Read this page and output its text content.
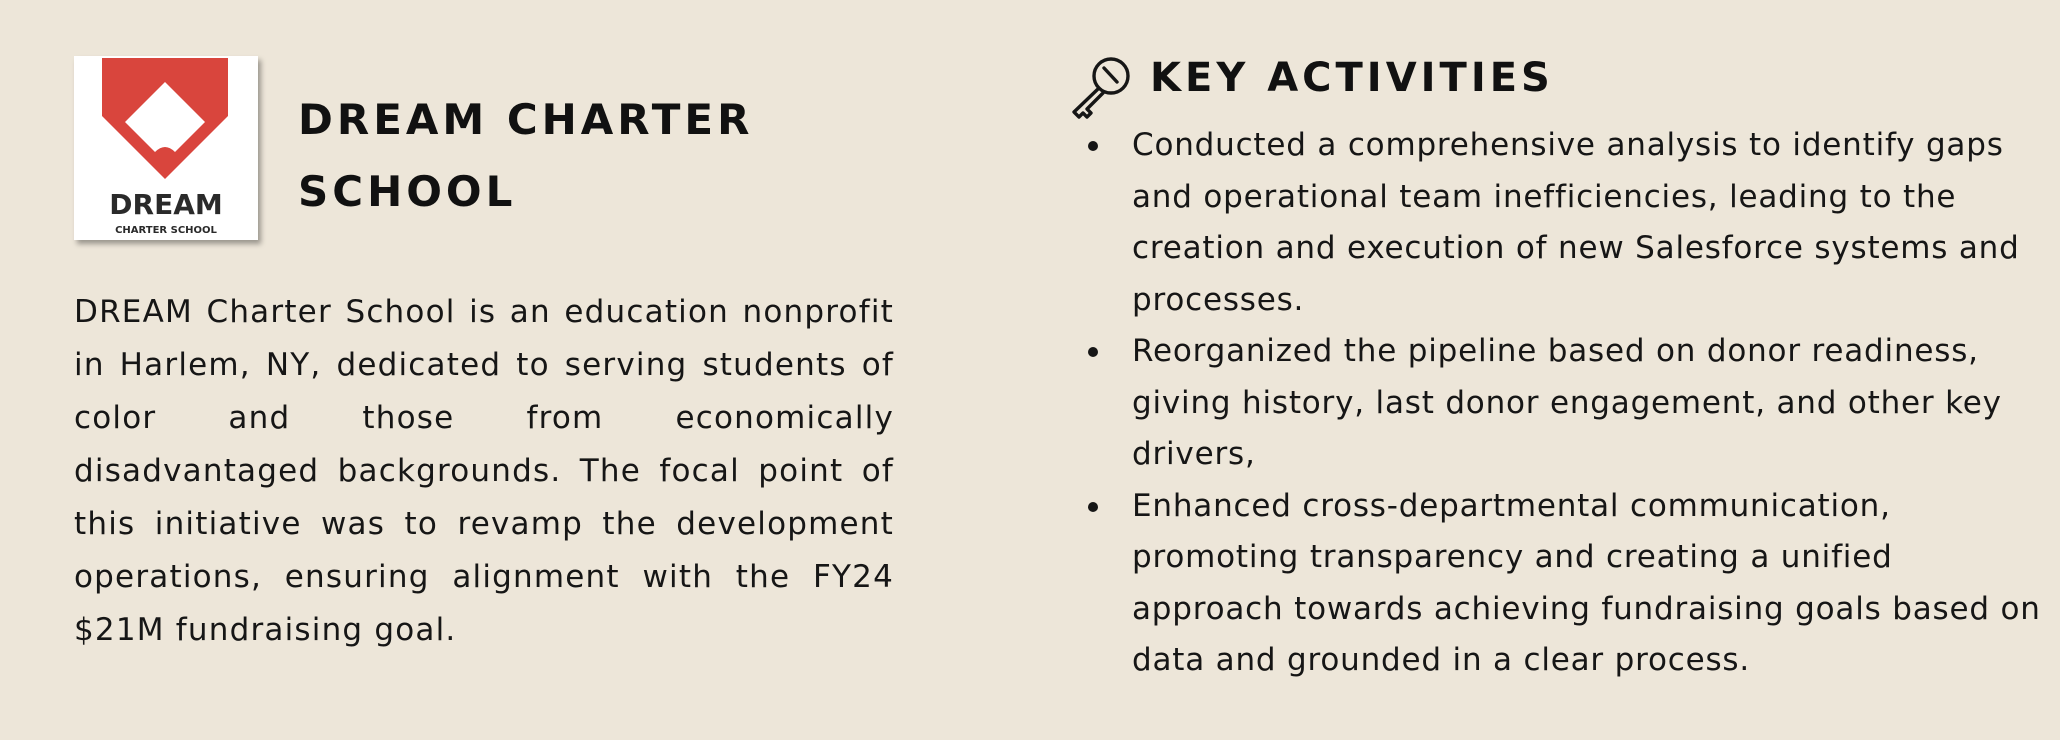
DREAM
CHARTER SCHOOL
DREAM CHARTER
SCHOOL

DREAM Charter School is an education nonprofit in Harlem, NY, dedicated to serving students of color and those from economically disadvantaged backgrounds. The focal point of this initiative was to revamp the development operations, ensuring alignment with the FY24 $21M fundraising goal.

KEY ACTIVITIES
Conducted a comprehensive analysis to identify gaps and operational team inefficiencies, leading to the creation and execution of new Salesforce systems and processes.
Reorganized the pipeline based on donor readiness, giving history, last donor engagement, and other key drivers,
Enhanced cross-departmental communication, promoting transparency and creating a unified approach towards achieving fundraising goals based on data and grounded in a clear process.
